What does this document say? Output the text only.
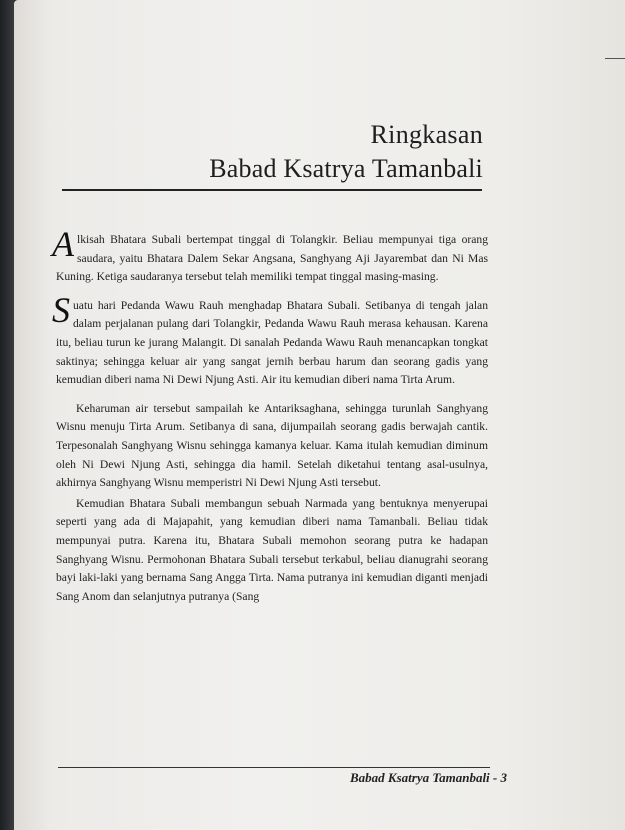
Ringkasan
Babad Ksatrya Tamanbali

Alkisah Bhatara Subali bertempat tinggal di Tolangkir. Beliau mempunyai tiga orang saudara, yaitu Bhatara Dalem Sekar Angsana, Sanghyang Aji Jayarembat dan Ni Mas Kuning. Ketiga saudaranya tersebut telah memiliki tempat tinggal masing-masing.

Suatu hari Pedanda Wawu Rauh menghadap Bhatara Subali. Setibanya di tengah jalan dalam perjalanan pulang dari Tolangkir, Pedanda Wawu Rauh merasa kehausan. Karena itu, beliau turun ke jurang Malangit. Di sanalah Pedanda Wawu Rauh menancapkan tongkat saktinya; sehingga keluar air yang sangat jernih berbau harum dan seorang gadis yang kemudian diberi nama Ni Dewi Njung Asti. Air itu kemudian diberi nama Tirta Arum.

Keharuman air tersebut sampailah ke Antariksaghana, sehingga turunlah Sanghyang Wisnu menuju Tirta Arum. Setibanya di sana, dijumpailah seorang gadis berwajah cantik. Terpesonalah Sanghyang Wisnu sehingga kamanya keluar. Kama itulah kemudian diminum oleh Ni Dewi Njung Asti, sehingga dia hamil. Setelah diketahui tentang asal-usulnya, akhirnya Sanghyang Wisnu memperistri Ni Dewi Njung Asti tersebut.

Kemudian Bhatara Subali membangun sebuah Narmada yang bentuknya menyerupai seperti yang ada di Majapahit, yang kemudian diberi nama Tamanbali. Beliau tidak mempunyai putra. Karena itu, Bhatara Subali memohon seorang putra ke hadapan Sanghyang Wisnu. Permohonan Bhatara Subali tersebut terkabul, beliau dianugrahi seorang bayi laki-laki yang bernama Sang Angga Tirta. Nama putranya ini kemudian diganti menjadi Sang Anom dan selanjutnya putranya (Sang

Babad Ksatrya Tamanbali - 3
